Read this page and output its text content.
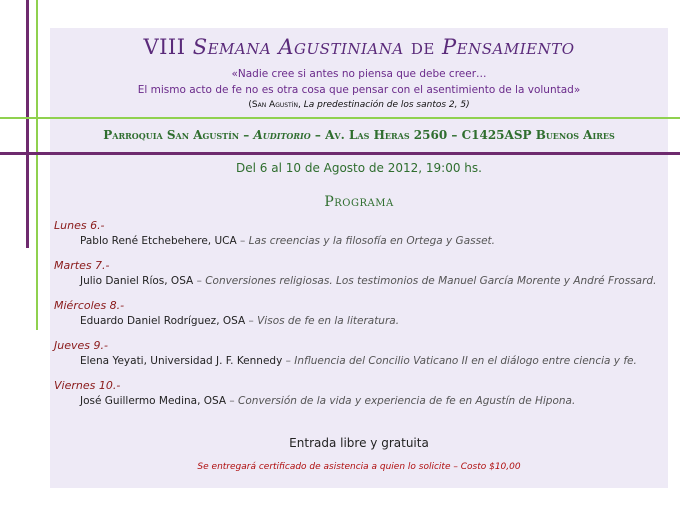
VIII Semana Agustiniana de Pensamiento
«Nadie cree si antes no piensa que debe creer…
El mismo acto de fe no es otra cosa que pensar con el asentimiento de la voluntad»
(San Agustín, La predestinación de los santos 2, 5)
Parroquia San Agustín – Auditorio – Av. Las Heras 2560 – C1425ASP Buenos Aires
Del 6 al 10 de Agosto de 2012, 19:00 hs.
Programa
Lunes 6.-
Pablo René Etchebehere, UCA – Las creencias y la filosofía en Ortega y Gasset.
Martes 7.-
Julio Daniel Ríos, OSA – Conversiones religiosas. Los testimonios de Manuel García Morente y André Frossard.
Miércoles 8.-
Eduardo Daniel Rodríguez, OSA – Visos de fe en la literatura.
Jueves 9.-
Elena Yeyati, Universidad J. F. Kennedy – Influencia del Concilio Vaticano II en el diálogo entre ciencia y fe.
Viernes 10.-
José Guillermo Medina, OSA – Conversión de la vida y experiencia de fe en Agustín de Hipona.
Entrada libre y gratuita
Se entregará certificado de asistencia a quien lo solicite – Costo $10,00
